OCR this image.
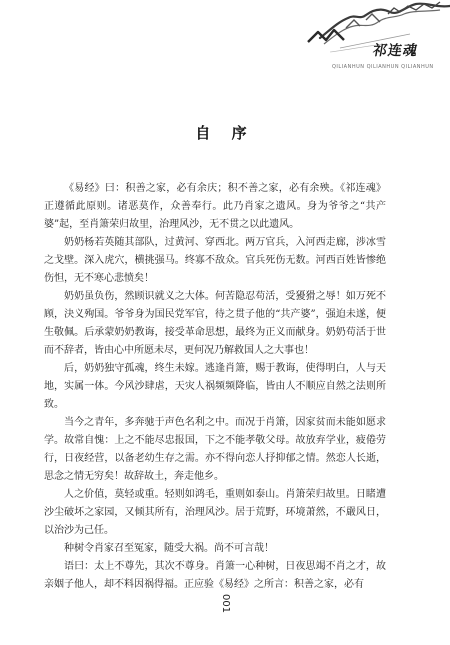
祁连魂
QILIANHUN QILIANHUN QILIANHUN
自 序

《易经》曰：积善之家，必有余庆；积不善之家，必有余殃。《祁连魂》正遵循此原则。诸恶莫作，众善奉行。此乃肖家之遗风。身为爷爷之“共产婆”起，至肖箫荣归故里，治理风沙，无不贯之以此遗风。

奶奶杨若英随其部队，过黄河、穿西北。两万官兵，入河西走廊，涉冰雪之戈壁。深入虎穴，横挑强马。终寡不敌众。官兵死伤无数。河西百姓皆惨绝伤怛，无不寒心悲愤矣！

奶奶虽负伤，然顾识就义之大体。何苦隐忍苟活，受獶猾之辱！如万死不顾，決义殉国。爷爷身为国民党军官，待之贯子他的“共产婆”，强迫未遂，便生敬佩。后承蒙奶奶教诲，接受革命思想，最终为正义而献身。奶奶苟活于世而不辞者，皆由心中所愿未尽，更何况乃解救国人之大事也！

后，奶奶独守孤魂，终生未嫁。逃逢肖箫，赐于教诲，使得明白，人与天地，实属一体。今风沙肆虐，天灾人祸频频降临，皆由人不顺应自然之法则所致。

当今之青年，多奔驰于声色名利之中。而况于肖箫，因家贫而未能如愿求学。故常自愧：上之不能尽忠报国，下之不能孝敬父母。故放弃学业，疲倦劳行，日夜经营，以备老幼生存之需。亦不得向恋人抒抑郁之情。然恋人长逝，思念之情无穷矣！故辞故土，奔走他乡。

人之价值，莫轻或重。轻则如鸿毛，重则如泰山。肖箫荣归故里。日睹遭沙尘破坏之家园，又倾其所有，治理风沙。居于荒野，环境萧然，不嚴风日，以治沙为己任。

种树令肖家召至冤家，随受大祸。尚不可言哉！

语曰：太上不尊先，其次不尊身。肖箫一心种树，日夜思竭不肖之才，故亲姻子他人，却不料因祸得福。正应验《易经》之所言：积善之家，必有

001
